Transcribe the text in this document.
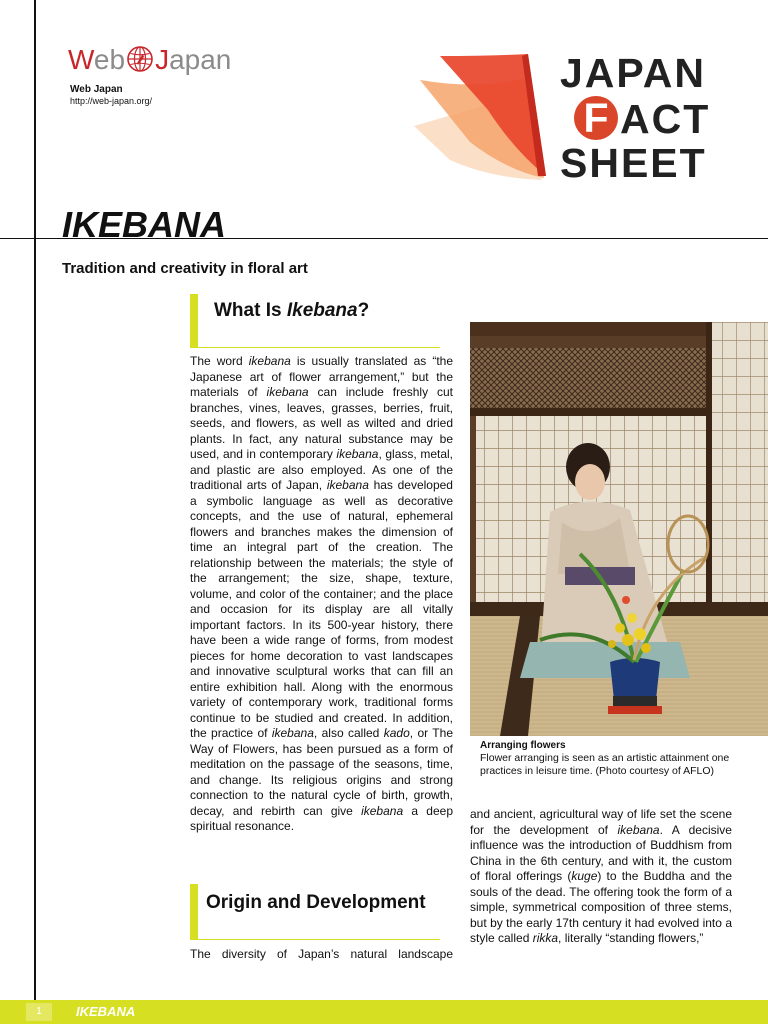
Web Japan
Web Japan
http://web-japan.org/
JAPAN
F ACT
SHEET
IKEBANA
Tradition and creativity in floral art
What Is Ikebana?

The word ikebana is usually translated as “the Japanese art of flower arrangement,” but the materials of ikebana can include freshly cut branches, vines, leaves, grasses, berries, fruit, seeds, and flowers, as well as wilted and dried plants. In fact, any natural substance may be used, and in contemporary ikebana, glass, metal, and plastic are also employed. As one of the traditional arts of Japan, ikebana has developed a symbolic language as well as decorative concepts, and the use of natural, ephemeral flowers and branches makes the dimension of time an integral part of the creation. The relationship between the materials; the style of the arrangement; the size, shape, texture, volume, and color of the container; and the place and occasion for its display are all vitally important factors. In its 500-year history, there have been a wide range of forms, from modest pieces for home decoration to vast landscapes and innovative sculptural works that can fill an entire exhibition hall. Along with the enormous variety of contemporary work, traditional forms continue to be studied and created. In addition, the practice of ikebana, also called kado, or The Way of Flowers, has been pursued as a form of meditation on the passage of the seasons, time, and change. Its religious origins and strong connection to the natural cycle of birth, growth, decay, and rebirth can give ikebana a deep spiritual resonance.

Origin and Development

The diversity of Japan’s natural landscape

Arranging flowers
Flower arranging is seen as an artistic attainment one practices in leisure time. (Photo courtesy of AFLO)

and ancient, agricultural way of life set the scene for the development of ikebana. A decisive influence was the introduction of Buddhism from China in the 6th century, and with it, the custom of floral offerings (kuge) to the Buddha and the souls of the dead. The offering took the form of a simple, symmetrical composition of three stems, but by the early 17th century it had evolved into a style called rikka, literally “standing flowers,”

1	IKEBANA
